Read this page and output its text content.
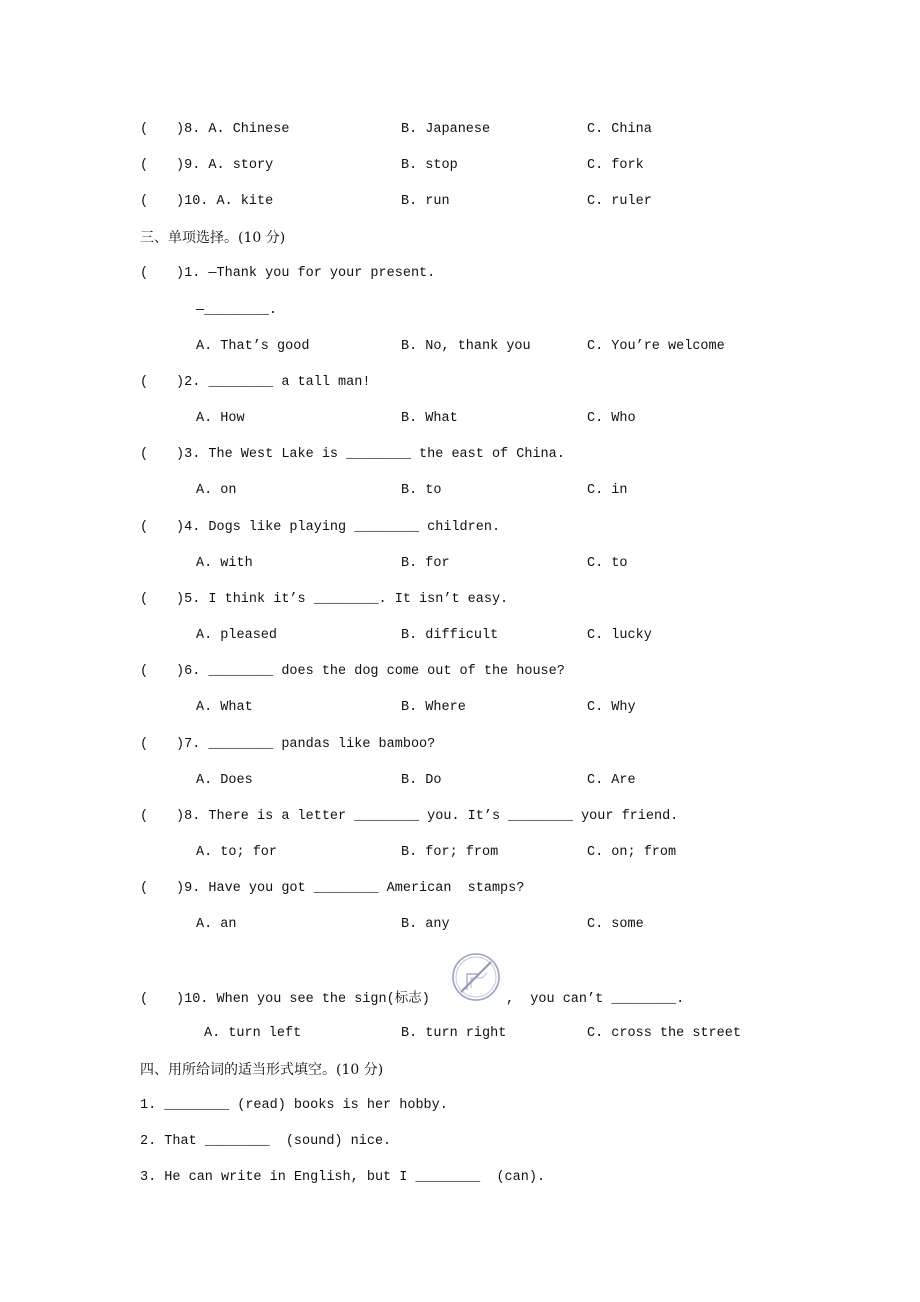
( )8. A. Chinese	B. Japanese	C. China
( )9. A. story	B. stop	C. fork
( )10. A. kite	B. run	C. ruler
三、单项选择。(10 分)
( )1. —Thank you for your present.
—________.
A. That’s good	B. No, thank you	C. You’re welcome
( )2. ________ a tall man!
A. How	B. What	C. Who
( )3. The West Lake is ________ the east of China.
A. on	B. to	C. in
( )4. Dogs like playing ________ children.
A. with	B. for	C. to
( )5. I think it’s ________. It isn’t easy.
A. pleased	B. difficult	C. lucky
( )6. ________ does the dog come out of the house?
A. What	B. Where	C. Why
( )7. ________ pandas like bamboo?
A. Does	B. Do	C. Are
( )8. There is a letter ________ you. It’s ________ your friend.
A. to; for	B. for; from	C. on; from
( )9. Have you got ________ American  stamps?
A. an	B. any	C. some
( )10. When you see the sign(标志)	,  you can’t ________.
A. turn left	B. turn right	C. cross the street
四、用所给词的适当形式填空。(10 分)
1. ________ (read) books is her hobby.
2. That ________  (sound) nice.
3. He can write in English, but I ________  (can).
